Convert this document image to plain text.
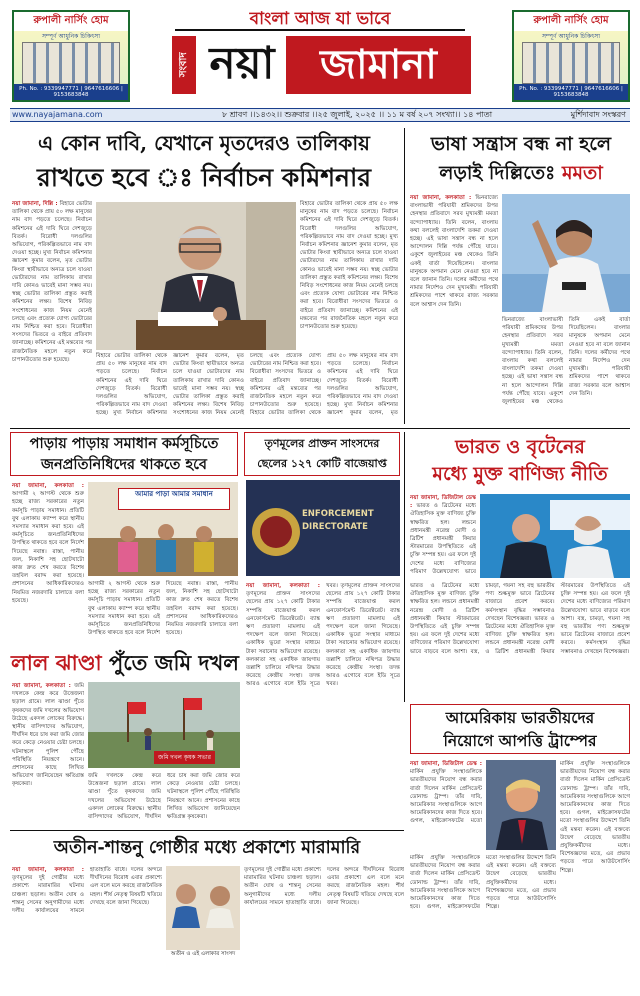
রুপালী নার্সিং হোম
সম্পূর্ণ আধুনিক চিকিৎসা
Ph. No. : 9339947771 | 9647616606 | 9153683848
রুপালী নার্সিং হোম
সম্পূর্ণ আধুনিক চিকিৎসা
Ph. No. : 9339947771 | 9647616606 | 9153683848
বাংলা আজ যা ভাবে
সংবাদ নয়া	জামানা
www.nayajamana.com	৮ শ্রাবণ ।।১৪৩২।। শুক্রবার ।।২৫ জুলাই, ২০২৫ ।। ১১ ম বর্ষ ২০৭ সংখ্যা।। ১৪ পাতা	মুর্শিদাবাদ সংস্করণ
এ কোন দাবি, যেখানে মৃতদেরও তালিকায়
রাখতে হবে ঃ নির্বাচন কমিশনার
নয়া জামানা, দিল্লি : বিহারে ভোটার তালিকা থেকে প্রায় ৫০ লক্ষ মানুষের নাম বাদ পড়তে চলেছে। নির্বাচন কমিশনের এই দাবি ঘিরে দেশজুড়ে বিতর্ক। বিরোধী দলগুলির অভিযোগ, পরিকল্পিতভাবে নাম বাদ দেওয়া হচ্ছে। মুখ্য নির্বাচন কমিশনার জ্ঞানেশ কুমার বলেন, মৃত ভোটার কিংবা স্থায়ীভাবে অন্যত্র চলে যাওয়া ভোটারদের নাম তালিকায় রাখার দাবি কোনও ভাবেই মানা সম্ভব নয়। স্বচ্ছ ভোটার তালিকা প্রস্তুত করাই কমিশনের লক্ষ্য। বিশেষ নিবিড় সংশোধনের কাজ নিয়ম মেনেই চলছে এবং প্রত্যেক যোগ্য ভোটারের নাম নিশ্চিত করা হবে। বিরোধীরা সংসদের ভিতরে ও বাইরে প্রতিবাদ জানাচ্ছে। কমিশনের এই মন্তব্যের পর রাজনৈতিক মহলে নতুন করে চাপানউতোর শুরু হয়েছে।
বিহারে ভোটার তালিকা থেকে প্রায় ৫০ লক্ষ মানুষের নাম বাদ পড়তে চলেছে। নির্বাচন কমিশনের এই দাবি ঘিরে দেশজুড়ে বিতর্ক। বিরোধী দলগুলির অভিযোগ, পরিকল্পিতভাবে নাম বাদ দেওয়া হচ্ছে। মুখ্য নির্বাচন কমিশনার জ্ঞানেশ কুমার বলেন, মৃত ভোটার কিংবা স্থায়ীভাবে অন্যত্র চলে যাওয়া ভোটারদের নাম তালিকায় রাখার দাবি কোনও ভাবেই মানা সম্ভব নয়। স্বচ্ছ ভোটার তালিকা প্রস্তুত করাই কমিশনের লক্ষ্য। বিশেষ নিবিড় সংশোধনের কাজ নিয়ম মেনেই চলছে এবং প্রত্যেক যোগ্য ভোটারের নাম নিশ্চিত করা হবে। বিরোধীরা সংসদের ভিতরে ও বাইরে প্রতিবাদ জানাচ্ছে। কমিশনের এই মন্তব্যের পর রাজনৈতিক মহলে নতুন করে চাপানউতোর শুরু হয়েছে।
বিহারে ভোটার তালিকা থেকে প্রায় ৫০ লক্ষ মানুষের নাম বাদ পড়তে চলেছে। নির্বাচন কমিশনের এই দাবি ঘিরে দেশজুড়ে বিতর্ক। বিরোধী দলগুলির অভিযোগ, পরিকল্পিতভাবে নাম বাদ দেওয়া হচ্ছে। মুখ্য নির্বাচন কমিশনার জ্ঞানেশ কুমার বলেন, মৃত ভোটার কিংবা স্থায়ীভাবে অন্যত্র চলে যাওয়া ভোটারদের নাম তালিকায় রাখার দাবি কোনও ভাবেই মানা সম্ভব নয়। স্বচ্ছ ভোটার তালিকা প্রস্তুত করাই কমিশনের লক্ষ্য। বিশেষ নিবিড় সংশোধনের কাজ নিয়ম মেনেই চলছে এবং প্রত্যেক যোগ্য ভোটারের নাম নিশ্চিত করা হবে। বিরোধীরা সংসদের ভিতরে ও বাইরে প্রতিবাদ জানাচ্ছে। কমিশনের এই মন্তব্যের পর রাজনৈতিক মহলে নতুন করে চাপানউতোর শুরু হয়েছে। বিহারে ভোটার তালিকা থেকে প্রায় ৫০ লক্ষ মানুষের নাম বাদ পড়তে চলেছে। নির্বাচন কমিশনের এই দাবি ঘিরে দেশজুড়ে বিতর্ক। বিরোধী দলগুলির অভিযোগ, পরিকল্পিতভাবে নাম বাদ দেওয়া হচ্ছে। মুখ্য নির্বাচন কমিশনার জ্ঞানেশ কুমার বলেন, মৃত
ভাষা সন্ত্রাস বন্ধ না হলে
লড়াই দিল্লিতেঃ মমতা
নয়া জামানা, কলকাতা : ভিনরাজ্যে বাংলাভাষী পরিযায়ী শ্রমিকদের উপর হেনস্থার প্রতিবাদে সরব মুখ্যমন্ত্রী মমতা বন্দ্যোপাধ্যায়। তিনি বলেন, বাংলায় কথা বললেই বাংলাদেশি তকমা দেওয়া হচ্ছে। এই ভাষা সন্ত্রাস বন্ধ না হলে আন্দোলন দিল্লি পর্যন্ত পৌঁছে যাবে। একুশে জুলাইয়ের মঞ্চ থেকেও তিনি একই বার্তা দিয়েছিলেন। বাংলার মানুষকে অপমান মেনে নেওয়া হবে না বলে জানান তিনি। দলের কর্মীদের পথে নামার নির্দেশও দেন মুখ্যমন্ত্রী। পরিযায়ী শ্রমিকদের পাশে থাকবে রাজ্য সরকার বলে আশ্বাস দেন তিনি।
ভিনরাজ্যে বাংলাভাষী পরিযায়ী শ্রমিকদের উপর হেনস্থার প্রতিবাদে সরব মুখ্যমন্ত্রী মমতা বন্দ্যোপাধ্যায়। তিনি বলেন, বাংলায় কথা বললেই বাংলাদেশি তকমা দেওয়া হচ্ছে। এই ভাষা সন্ত্রাস বন্ধ না হলে আন্দোলন দিল্লি পর্যন্ত পৌঁছে যাবে। একুশে জুলাইয়ের মঞ্চ থেকেও তিনি একই বার্তা দিয়েছিলেন। বাংলার মানুষকে অপমান মেনে নেওয়া হবে না বলে জানান তিনি। দলের কর্মীদের পথে নামার নির্দেশও দেন মুখ্যমন্ত্রী। পরিযায়ী শ্রমিকদের পাশে থাকবে রাজ্য সরকার বলে আশ্বাস দেন তিনি।
পাড়ায় পাড়ায় সমাধান কর্মসূচিতে
জনপ্রতিনিধিদের থাকতে হবে
নয়া জামানা, কলকাতা : আগামী ২ আগস্ট থেকে শুরু হচ্ছে রাজ্য সরকারের নতুন কর্মসূচি পাড়ায় সমাধান। প্রতিটি বুথ এলাকায় ক্যাম্প করে স্থানীয় সমস্যার সমাধান করা হবে। এই কর্মসূচিতে জনপ্রতিনিধিদের উপস্থিত থাকতে হবে বলে নির্দেশ দিয়েছে নবান্ন। রাস্তা, পানীয় জল, নিকাশি সহ ছোটখাটো কাজ দ্রুত শেষ করতে বিশেষ তহবিল বরাদ্দ করা হয়েছে। প্রশাসনের আধিকারিকদেরও নিয়মিত নজরদারি চালাতে বলা হয়েছে।
আমার পাড়া আমার সমাধান
আগামী ২ আগস্ট থেকে শুরু হচ্ছে রাজ্য সরকারের নতুন কর্মসূচি পাড়ায় সমাধান। প্রতিটি বুথ এলাকায় ক্যাম্প করে স্থানীয় সমস্যার সমাধান করা হবে। এই কর্মসূচিতে জনপ্রতিনিধিদের উপস্থিত থাকতে হবে বলে নির্দেশ দিয়েছে নবান্ন। রাস্তা, পানীয় জল, নিকাশি সহ ছোটখাটো কাজ দ্রুত শেষ করতে বিশেষ তহবিল বরাদ্দ করা হয়েছে। প্রশাসনের আধিকারিকদেরও নিয়মিত নজরদারি চালাতে বলা হয়েছে।
তৃণমূলের প্রাক্তন সাংসদের
ছেলের ১২৭ কোটি বাজেয়াপ্ত
ENFORCEMENT DIRECTORATE
নয়া জামানা, কলকাতা : তৃণমূলের প্রাক্তন সাংসদের ছেলের প্রায় ১২৭ কোটি টাকার সম্পত্তি বাজেয়াপ্ত করল এনফোর্সমেন্ট ডিরেক্টরেট। ব্যাঙ্ক ঋণ প্রতারণা মামলায় এই পদক্ষেপ বলে জানা গিয়েছে। একাধিক ভুয়ো সংস্থার মাধ্যমে টাকা সরানোর অভিযোগ রয়েছে। কলকাতা সহ একাধিক জায়গায় তল্লাশি চালিয়ে নথিপত্র উদ্ধার করেছে কেন্দ্রীয় সংস্থা। তদন্ত আরও এগোবে বলে ইডি সূত্রে খবর। তৃণমূলের প্রাক্তন সাংসদের ছেলের প্রায় ১২৭ কোটি টাকার সম্পত্তি বাজেয়াপ্ত করল এনফোর্সমেন্ট ডিরেক্টরেট। ব্যাঙ্ক ঋণ প্রতারণা মামলায় এই পদক্ষেপ বলে জানা গিয়েছে। একাধিক ভুয়ো সংস্থার মাধ্যমে টাকা সরানোর অভিযোগ রয়েছে। কলকাতা সহ একাধিক জায়গায় তল্লাশি চালিয়ে নথিপত্র উদ্ধার করেছে কেন্দ্রীয় সংস্থা। তদন্ত আরও এগোবে বলে ইডি সূত্রে খবর।
ভারত ও বৃটেনের
মধ্যে মুক্ত বাণিজ্য নীতি
নয়া জামানা, ডিজিটাল ডেস্ক : ভারত ও ব্রিটেনের মধ্যে ঐতিহাসিক মুক্ত বাণিজ্য চুক্তি স্বাক্ষরিত হল। লন্ডনে প্রধানমন্ত্রী নরেন্দ্র মোদী ও ব্রিটিশ প্রধানমন্ত্রী কিয়ার স্টারমারের উপস্থিতিতে এই চুক্তি সম্পন্ন হয়। এর ফলে দুই দেশের মধ্যে বাণিজ্যের পরিমাণ উল্লেখযোগ্য ভাবে
ভারত ও ব্রিটেনের মধ্যে ঐতিহাসিক মুক্ত বাণিজ্য চুক্তি স্বাক্ষরিত হল। লন্ডনে প্রধানমন্ত্রী নরেন্দ্র মোদী ও ব্রিটিশ প্রধানমন্ত্রী কিয়ার স্টারমারের উপস্থিতিতে এই চুক্তি সম্পন্ন হয়। এর ফলে দুই দেশের মধ্যে বাণিজ্যের পরিমাণ উল্লেখযোগ্য ভাবে বাড়বে বলে আশা। বস্ত্র, চামড়া, গয়না সহ বহু ভারতীয় পণ্য শুল্কমুক্ত ভাবে ব্রিটেনের বাজারে প্রবেশ করবে। কর্মসংস্থান বৃদ্ধির সম্ভাবনাও দেখছেন বিশেষজ্ঞরা। ভারত ও ব্রিটেনের মধ্যে ঐতিহাসিক মুক্ত বাণিজ্য চুক্তি স্বাক্ষরিত হল। লন্ডনে প্রধানমন্ত্রী নরেন্দ্র মোদী ও ব্রিটিশ প্রধানমন্ত্রী কিয়ার স্টারমারের উপস্থিতিতে এই চুক্তি সম্পন্ন হয়। এর ফলে দুই দেশের মধ্যে বাণিজ্যের পরিমাণ উল্লেখযোগ্য ভাবে বাড়বে বলে আশা। বস্ত্র, চামড়া, গয়না সহ বহু ভারতীয় পণ্য শুল্কমুক্ত ভাবে ব্রিটেনের বাজারে প্রবেশ করবে। কর্মসংস্থান বৃদ্ধির সম্ভাবনাও দেখছেন বিশেষজ্ঞরা।
লাল ঝাণ্ডা পুঁতে জমি দখল
নয়া জামানা, কলকাতা : জমি দখলকে কেন্দ্র করে উত্তেজনা ছড়াল গ্রামে। লাল ঝাণ্ডা পুঁতে কৃষকদের জমি দখলের অভিযোগ উঠেছে একদল লোকের বিরুদ্ধে। স্থানীয় বাসিন্দাদের অভিযোগ, দীর্ঘদিন ধরে চাষ করা জমি জোর করে কেড়ে নেওয়ার চেষ্টা চলছে। ঘটনাস্থলে পুলিশ পৌঁছে পরিস্থিতি নিয়ন্ত্রণে আনে। প্রশাসনের কাছে লিখিত অভিযোগ জানিয়েছেন ক্ষতিগ্রস্ত কৃষকেরা।
জমি দখল কৃষক সভার
জমি দখলকে কেন্দ্র করে উত্তেজনা ছড়াল গ্রামে। লাল ঝাণ্ডা পুঁতে কৃষকদের জমি দখলের অভিযোগ উঠেছে একদল লোকের বিরুদ্ধে। স্থানীয় বাসিন্দাদের অভিযোগ, দীর্ঘদিন ধরে চাষ করা জমি জোর করে কেড়ে নেওয়ার চেষ্টা চলছে। ঘটনাস্থলে পুলিশ পৌঁছে পরিস্থিতি নিয়ন্ত্রণে আনে। প্রশাসনের কাছে লিখিত অভিযোগ জানিয়েছেন ক্ষতিগ্রস্ত কৃষকেরা।
আমেরিকায় ভারতীয়দের
নিয়োগে আপত্তি ট্রাম্পের
নয়া জামানা, ডিজিটাল ডেস্ক : মার্কিন প্রযুক্তি সংস্থাগুলিকে ভারতীয়দের নিয়োগ বন্ধ করার বার্তা দিলেন মার্কিন প্রেসিডেন্ট ডোনাল্ড ট্রাম্প। তাঁর দাবি, আমেরিকার সংস্থাগুলিকে আগে আমেরিকানদের কাজ দিতে হবে। গুগল, মাইক্রোসফটের মতো
মার্কিন প্রযুক্তি সংস্থাগুলিকে ভারতীয়দের নিয়োগ বন্ধ করার বার্তা দিলেন মার্কিন প্রেসিডেন্ট ডোনাল্ড ট্রাম্প। তাঁর দাবি, আমেরিকার সংস্থাগুলিকে আগে আমেরিকানদের কাজ দিতে হবে। গুগল, মাইক্রোসফটের মতো সংস্থাগুলির উদ্দেশে তিনি এই মন্তব্য করেন। এই বক্তব্যে উদ্বেগ বেড়েছে ভারতীয় প্রযুক্তিকর্মীদের মধ্যে। বিশেষজ্ঞদের মতে, এর প্রভাব পড়তে পারে আউটসোর্সিং শিল্পে।
মার্কিন প্রযুক্তি সংস্থাগুলিকে ভারতীয়দের নিয়োগ বন্ধ করার বার্তা দিলেন মার্কিন প্রেসিডেন্ট ডোনাল্ড ট্রাম্প। তাঁর দাবি, আমেরিকার সংস্থাগুলিকে আগে আমেরিকানদের কাজ দিতে হবে। গুগল, মাইক্রোসফটের মতো সংস্থাগুলির উদ্দেশে তিনি এই মন্তব্য করেন। এই বক্তব্যে উদ্বেগ বেড়েছে ভারতীয় প্রযুক্তিকর্মীদের মধ্যে। বিশেষজ্ঞদের মতে, এর প্রভাব পড়তে পারে আউটসোর্সিং শিল্পে।
অতীন-শান্তনু গোষ্ঠীর মধ্যে প্রকাশ্যে মারামারি
নয়া জামানা, কলকাতা : তৃণমূলের দুই গোষ্ঠীর মধ্যে প্রকাশ্যে মারামারির ঘটনায় চাঞ্চল্য ছড়াল। অতীন ঘোষ ও শান্তনু সেনের অনুগামীদের মধ্যে দলীয় কার্যালয়ের সামনে হাতাহাতি বাধে। দলের অন্দরে দীর্ঘদিনের বিরোধ এবার প্রকাশ্যে এল বলে মনে করছে রাজনৈতিক মহল। শীর্ষ নেতৃত্ব বিষয়টি খতিয়ে দেখছে বলে জানা গিয়েছে।
অতীন ও এই এলাকার সাংসদ
তৃণমূলের দুই গোষ্ঠীর মধ্যে প্রকাশ্যে মারামারির ঘটনায় চাঞ্চল্য ছড়াল। অতীন ঘোষ ও শান্তনু সেনের অনুগামীদের মধ্যে দলীয় কার্যালয়ের সামনে হাতাহাতি বাধে। দলের অন্দরে দীর্ঘদিনের বিরোধ এবার প্রকাশ্যে এল বলে মনে করছে রাজনৈতিক মহল। শীর্ষ নেতৃত্ব বিষয়টি খতিয়ে দেখছে বলে জানা গিয়েছে।
